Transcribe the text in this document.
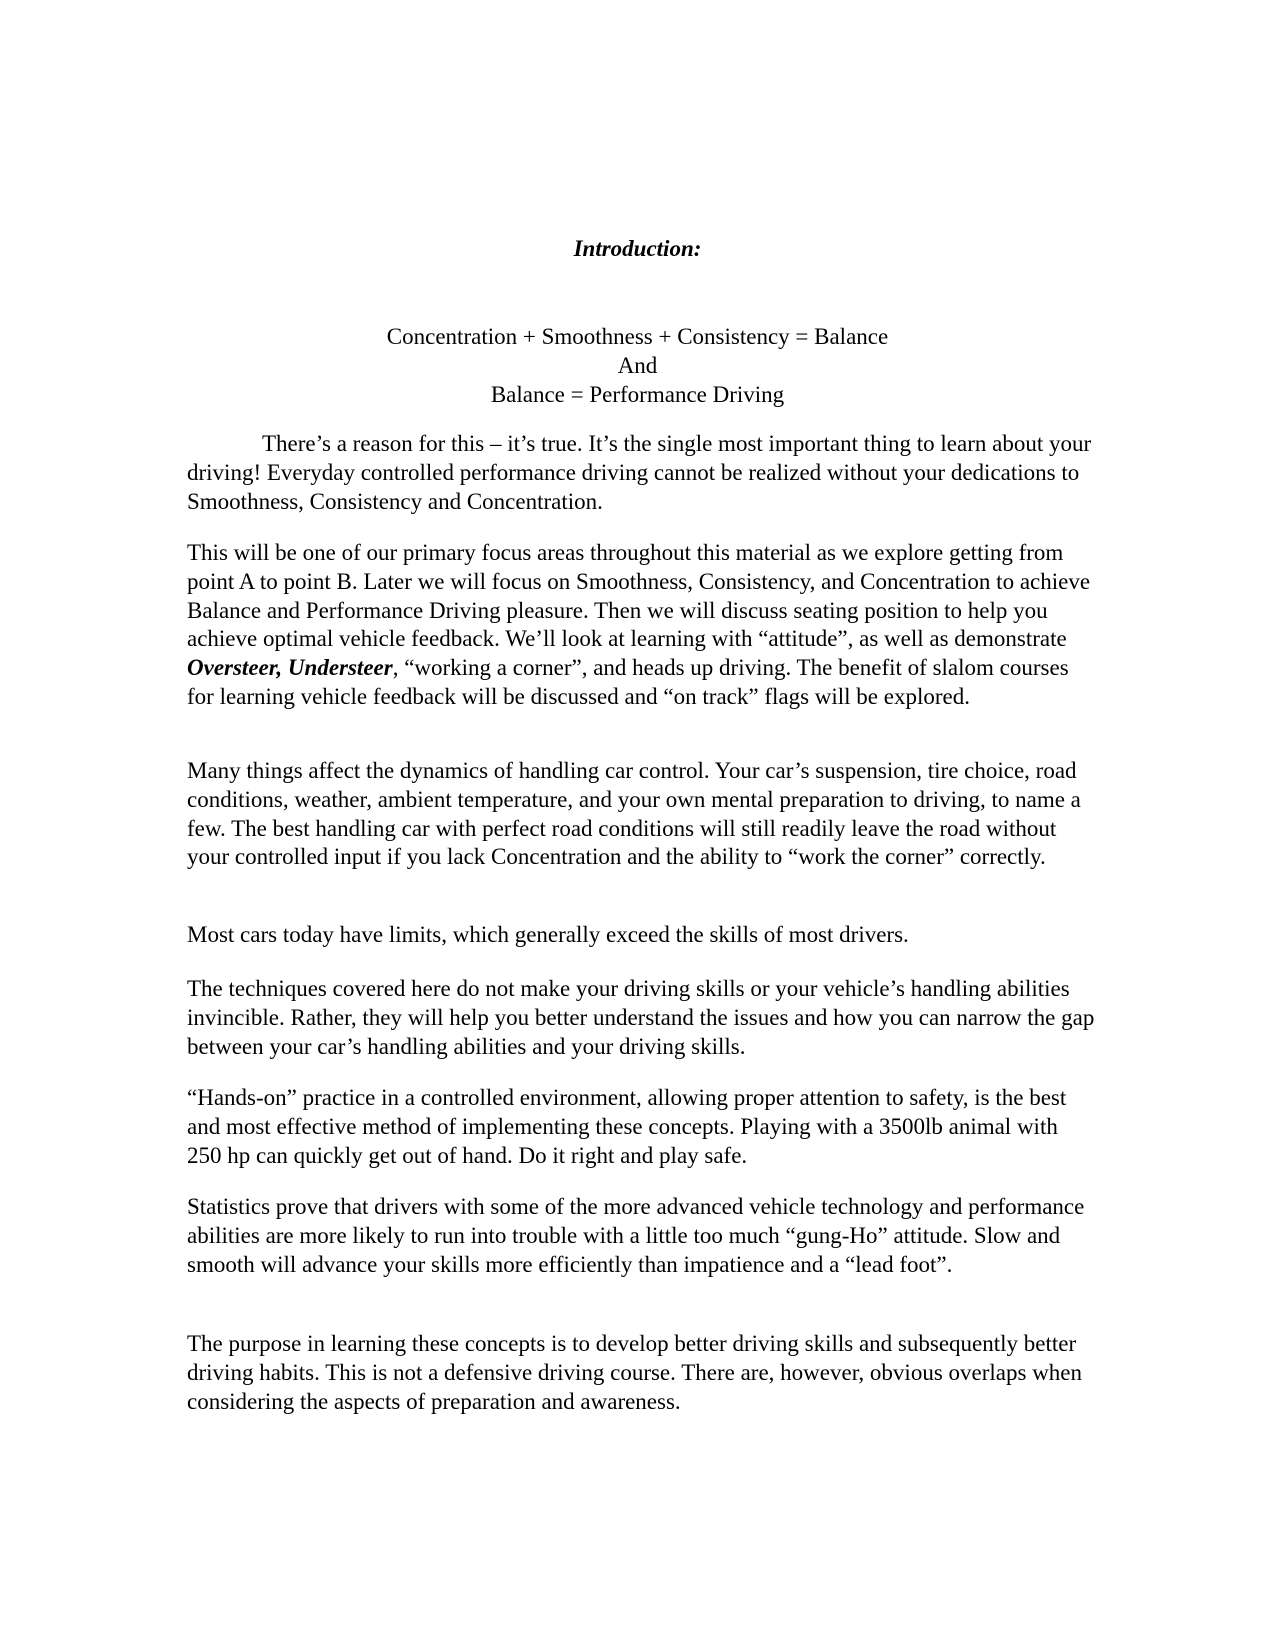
Introduction:
Concentration + Smoothness + Consistency = Balance
And
Balance = Performance Driving
There’s a reason for this – it’s true. It’s the single most important thing to learn about your driving! Everyday controlled performance driving cannot be realized without your dedications to Smoothness, Consistency and Concentration.
This will be one of our primary focus areas throughout this material as we explore getting from point A to point B. Later we will focus on Smoothness, Consistency, and Concentration to achieve Balance and Performance Driving pleasure. Then we will discuss seating position to help you achieve optimal vehicle feedback. We’ll look at learning with “attitude”, as well as demonstrate Oversteer, Understeer, “working a corner”, and heads up driving. The benefit of slalom courses for learning vehicle feedback will be discussed and “on track” flags will be explored.
Many things affect the dynamics of handling car control. Your car’s suspension, tire choice, road conditions, weather, ambient temperature, and your own mental preparation to driving, to name a few. The best handling car with perfect road conditions will still readily leave the road without your controlled input if you lack Concentration and the ability to “work the corner” correctly.
Most cars today have limits, which generally exceed the skills of most drivers.
The techniques covered here do not make your driving skills or your vehicle’s handling abilities invincible. Rather, they will help you better understand the issues and how you can narrow the gap between your car’s handling abilities and your driving skills.
“Hands-on” practice in a controlled environment, allowing proper attention to safety, is the best and most effective method of implementing these concepts. Playing with a 3500lb animal with 250 hp can quickly get out of hand. Do it right and play safe.
Statistics prove that drivers with some of the more advanced vehicle technology and performance abilities are more likely to run into trouble with a little too much “gung-Ho” attitude. Slow and smooth will advance your skills more efficiently than impatience and a “lead foot”.
The purpose in learning these concepts is to develop better driving skills and subsequently better driving habits. This is not a defensive driving course. There are, however, obvious overlaps when considering the aspects of preparation and awareness.
